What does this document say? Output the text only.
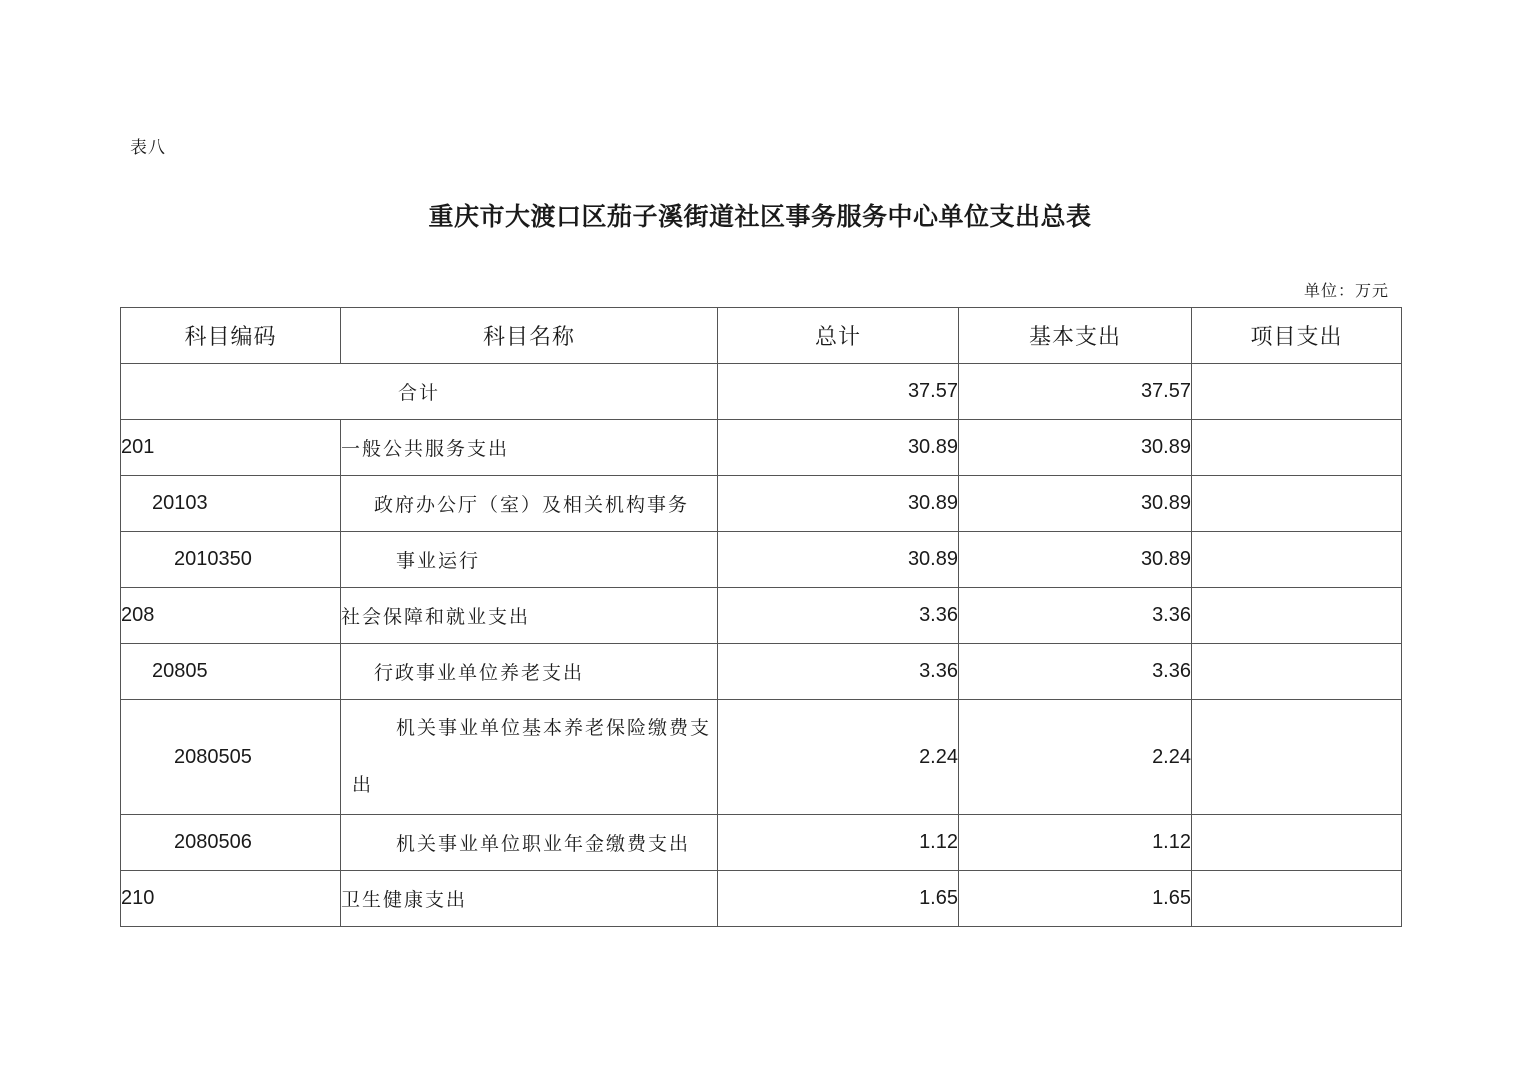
表八
重庆市大渡口区茄子溪街道社区事务服务中心单位支出总表
单位：万元
科目编码	科目名称	总计	基本支出	项目支出
合计		37.57	37.57	
201	一般公共服务支出	30.89	30.89	
20103	政府办公厅（室）及相关机构事务	30.89	30.89	
2010350	事业运行	30.89	30.89	
208	社会保障和就业支出	3.36	3.36	
20805	行政事业单位养老支出	3.36	3.36	
2080505	机关事业单位基本养老保险缴费支出	2.24	2.24	
2080506	机关事业单位职业年金缴费支出	1.12	1.12	
210	卫生健康支出	1.65	1.65	
